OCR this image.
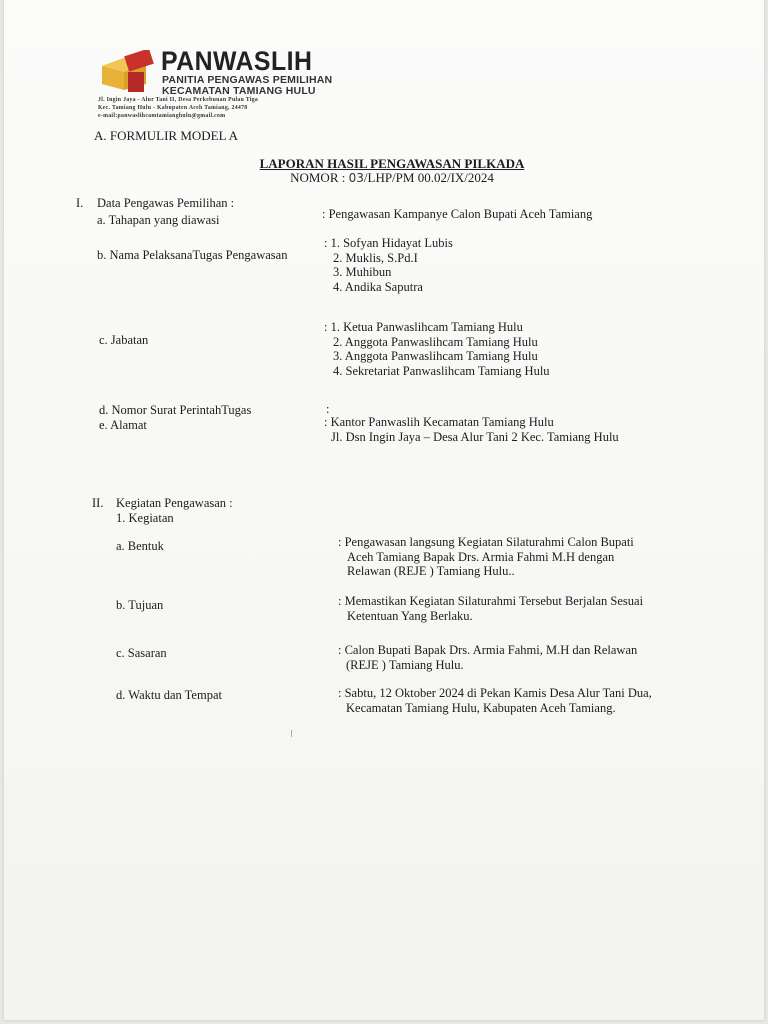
PANWASLIH
PANITIA PENGAWAS PEMILIHAN
KECAMATAN TAMIANG HULU
Jl. Ingin Jaya - Alur Tani II, Desa Perkebunan Pulau Tiga
Kec. Tamiang Hulu - Kabupaten Aceh Tamiang, 24478
e-mail:panwaslihcamtamianghulu@gmail.com
A. FORMULIR MODEL A
LAPORAN HASIL PENGAWASAN PILKADA
NOMOR : 03/LHP/PM 00.02/IX/2024
I. Data Pengawas Pemilihan :
a. Tahapan yang diawasi	: Pengawasan Kampanye Calon Bupati Aceh Tamiang
b. Nama PelaksanaTugas Pengawasan
: 1. Sofyan Hidayat Lubis
2. Muklis, S.Pd.I
3. Muhibun
4. Andika Saputra
c. Jabatan
: 1. Ketua Panwaslihcam Tamiang Hulu
2. Anggota Panwaslihcam Tamiang Hulu
3. Anggota Panwaslihcam Tamiang Hulu
4. Sekretariat Panwaslihcam Tamiang Hulu
d. Nomor Surat PerintahTugas	:
e. Alamat	: Kantor Panwaslih Kecamatan Tamiang Hulu
Jl. Dsn Ingin Jaya – Desa Alur Tani 2 Kec. Tamiang Hulu
II. Kegiatan Pengawasan :
1. Kegiatan
a. Bentuk	: Pengawasan langsung Kegiatan Silaturahmi Calon Bupati
Aceh Tamiang Bapak Drs. Armia Fahmi M.H dengan
Relawan (REJE ) Tamiang Hulu..
b. Tujuan	: Memastikan Kegiatan Silaturahmi Tersebut Berjalan Sesuai
Ketentuan Yang Berlaku.
c. Sasaran	: Calon Bupati Bapak Drs. Armia Fahmi, M.H dan Relawan
(REJE ) Tamiang Hulu.
d. Waktu dan Tempat	: Sabtu, 12 Oktober 2024 di Pekan Kamis Desa Alur Tani Dua,
Kecamatan Tamiang Hulu, Kabupaten Aceh Tamiang.
